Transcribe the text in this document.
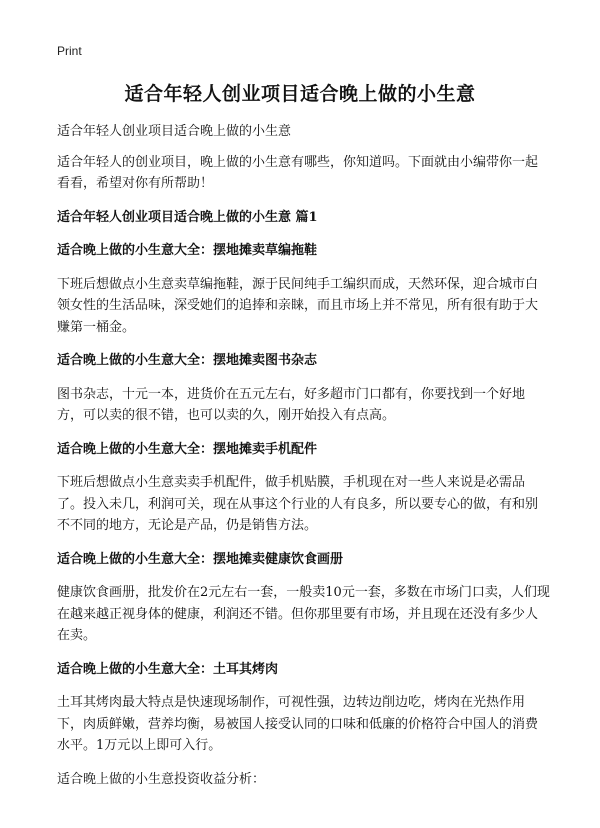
Print
适合年轻人创业项目适合晚上做的小生意

适合年轻人创业项目适合晚上做的小生意

适合年轻人的创业项目，晚上做的小生意有哪些，你知道吗。下面就由小编带你一起看看，希望对你有所帮助！

适合年轻人创业项目适合晚上做的小生意 篇1
适合晚上做的小生意大全：摆地摊卖草编拖鞋

下班后想做点小生意卖草编拖鞋，源于民间纯手工编织而成，天然环保，迎合城市白领女性的生活品味，深受她们的追捧和亲睐，而且市场上并不常见，所有很有助于大赚第一桶金。

适合晚上做的小生意大全：摆地摊卖图书杂志

图书杂志，十元一本，进货价在五元左右，好多超市门口都有，你要找到一个好地方，可以卖的很不错，也可以卖的久，刚开始投入有点高。

适合晚上做的小生意大全：摆地摊卖手机配件

下班后想做点小生意卖卖手机配件，做手机贴膜，手机现在对一些人来说是必需品了。投入未几，利润可关，现在从事这个行业的人有良多，所以要专心的做，有和别不不同的地方，无论是产品，仍是销售方法。

适合晚上做的小生意大全：摆地摊卖健康饮食画册

健康饮食画册，批发价在2元左右一套，一般卖10元一套，多数在市场门口卖，人们现在越来越正视身体的健康，利润还不错。但你那里要有市场，并且现在还没有多少人在卖。

适合晚上做的小生意大全：土耳其烤肉

土耳其烤肉最大特点是快速现场制作，可视性强，边转边削边吃，烤肉在光热作用下，肉质鲜嫩，营养均衡，易被国人接受认同的口味和低廉的价格符合中国人的消费水平。1万元以上即可入行。

适合晚上做的小生意投资收益分析：
